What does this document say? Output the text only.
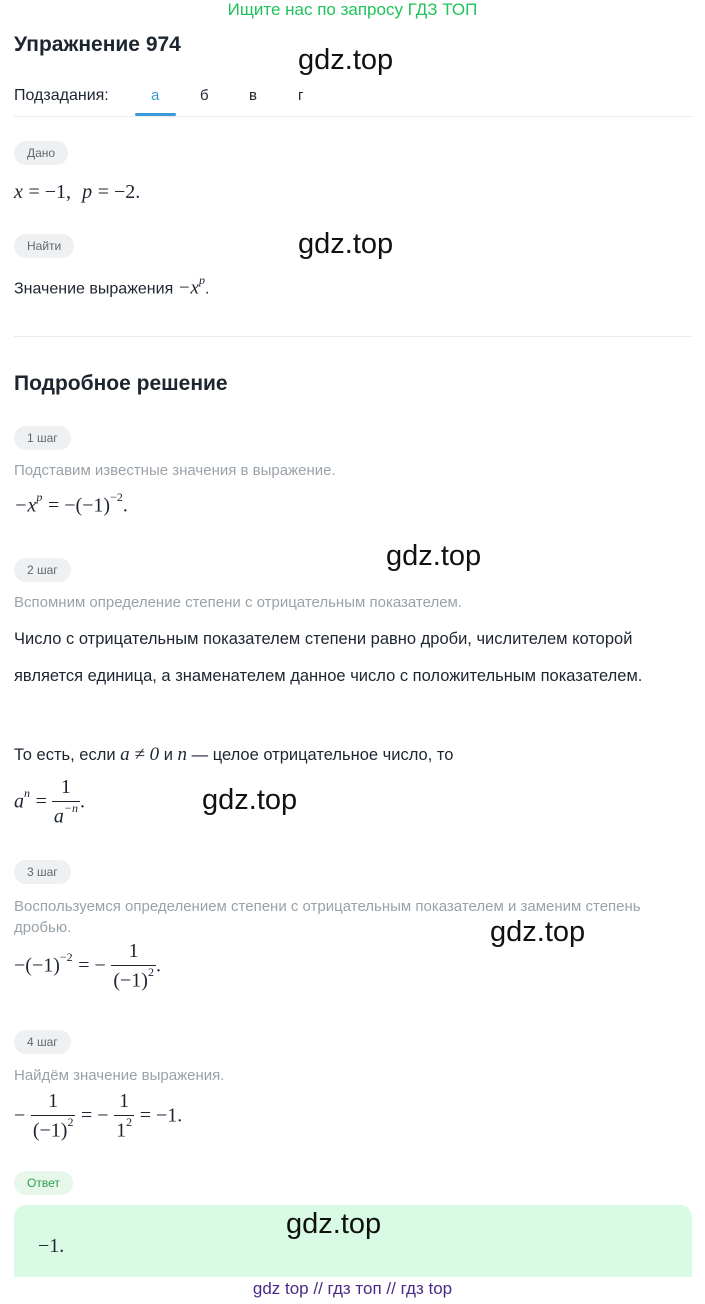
Ищите нас по запросу ГДЗ ТОП
Упражнение 974	gdz.top
Подзадания:	а	б	в	г
Дано
x = −1, p = −2.
Найти	gdz.top
Значение выражения $-x^p$.
Подробное решение
1 шаг
Подставим известные значения в выражение.
$-x^p = -(-1)^{-2}$.
2 шаг	gdz.top
Вспомним определение степени с отрицательным показателем.
Число с отрицательным показателем степени равно дроби, числителем которой является единица, а знаменателем данное число с положительным показателем.
То есть, если a ≠ 0 и n — целое отрицательное число, то
$a^n = \frac{1}{a^{-n}}$ .	gdz.top
3 шаг
Воспользуемся определением степени с отрицательным показателем и заменим степень дробью.	gdz.top
$-(-1)^{-2}$ = − $\frac{1}{(-1)^2}$ .
4 шаг
Найдём значение выражения.
− $\frac{1}{(-1)^2}$ = − $\frac{1}{1^2} = -1$.
Ответ
gdz.top
−1.
gdz top // гдз топ // гдз top
